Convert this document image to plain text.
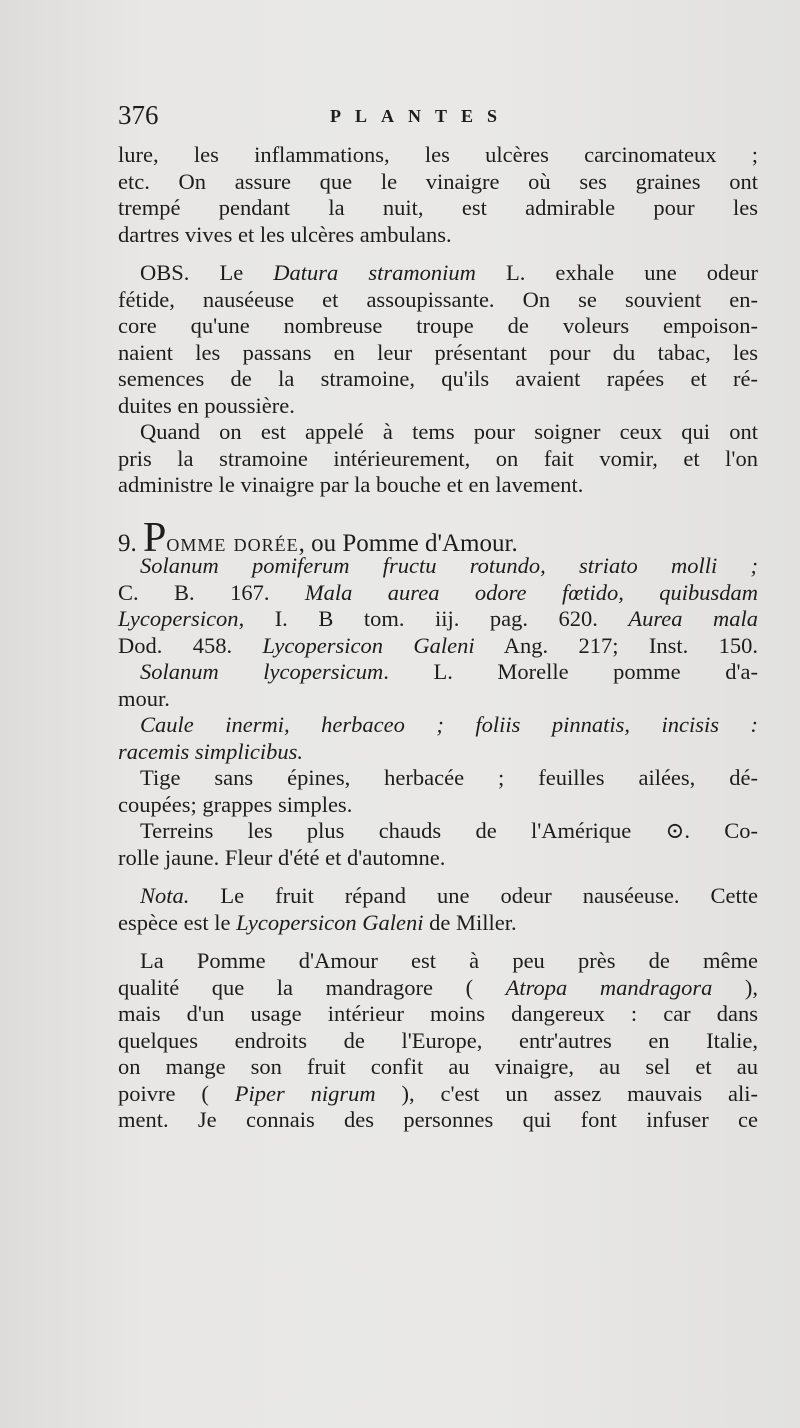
376	PLANTES
lure, les inflammations, les ulcères carcinomateux ;
etc. On assure que le vinaigre où ses graines ont
trempé pendant la nuit, est admirable pour les
dartres vives et les ulcères ambulans.
OBS. Le Datura stramonium L. exhale une odeur
fétide, nauséeuse et assoupissante. On se souvient en-
core qu'une nombreuse troupe de voleurs empoison-
naient les passans en leur présentant pour du tabac, les
semences de la stramoine, qu'ils avaient rapées et ré-
duites en poussière.
Quand on est appelé à tems pour soigner ceux qui ont
pris la stramoine intérieurement, on fait vomir, et l'on
administre le vinaigre par la bouche et en lavement.
9. Pomme dorée, ou Pomme d'Amour.
Solanum pomiferum fructu rotundo, striato molli ;
C. B. 167. Mala aurea odore fœtido, quibusdam
Lycopersicon, I. B tom. iij. pag. 620. Aurea mala
Dod. 458. Lycopersicon Galeni Ang. 217; Inst. 150.
Solanum lycopersicum. L. Morelle pomme d'a-
mour.
Caule inermi, herbaceo ; foliis pinnatis, incisis :
racemis simplicibus.
Tige sans épines, herbacée ; feuilles ailées, dé-
coupées; grappes simples.
Terreins les plus chauds de l'Amérique ⊙. Co-
rolle jaune. Fleur d'été et d'automne.
Nota. Le fruit répand une odeur nauséeuse. Cette
espèce est le Lycopersicon Galeni de Miller.
La Pomme d'Amour est à peu près de même
qualité que la mandragore ( Atropa mandragora ),
mais d'un usage intérieur moins dangereux : car dans
quelques endroits de l'Europe, entr'autres en Italie,
on mange son fruit confit au vinaigre, au sel et au
poivre ( Piper nigrum ), c'est un assez mauvais ali-
ment. Je connais des personnes qui font infuser ce
